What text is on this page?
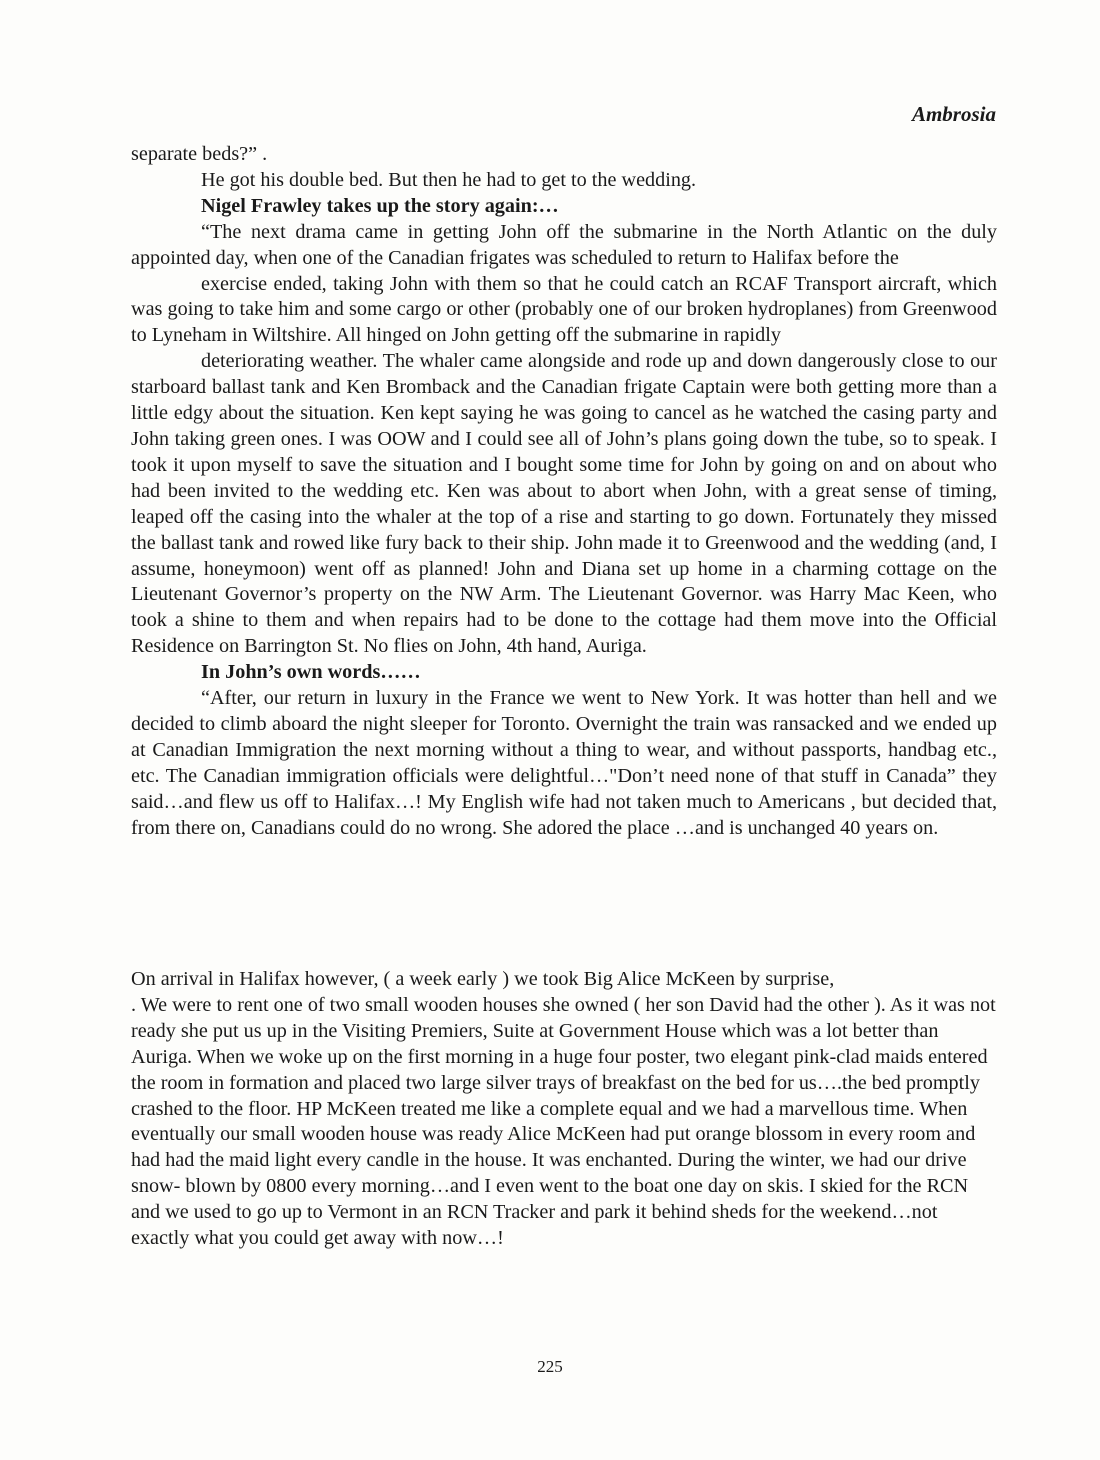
Ambrosia

separate beds?” .

He got his double bed. But then he had to get to the wedding.

Nigel Frawley takes up the story again:…

“The next drama came in getting John off the submarine in the North Atlantic on the duly appointed day, when one of the Canadian frigates was scheduled to return to Halifax before the

exercise ended, taking John with them so that he could catch an RCAF Transport aircraft, which was going to take him and some cargo or other (probably one of our broken hydroplanes) from Greenwood to Lyneham in Wiltshire. All hinged on John getting off the submarine in rapidly

deteriorating weather. The whaler came alongside and rode up and down dangerously close to our starboard ballast tank and Ken Bromback and the Canadian frigate Captain were both getting more than a little edgy about the situation. Ken kept saying he was going to cancel as he watched the casing party and John taking green ones. I was OOW and I could see all of John’s plans going down the tube, so to speak. I took it upon myself to save the situation and I bought some time for John by going on and on about who had been invited to the wedding etc. Ken was about to abort when John, with a great sense of timing, leaped off the casing into the whaler at the top of a rise and starting to go down. Fortunately they missed the ballast tank and rowed like fury back to their ship. John made it to Greenwood and the wedding (and, I assume, honeymoon) went off as planned! John and Diana set up home in a charming cottage on the Lieutenant Governor’s property on the NW Arm. The Lieutenant Governor. was Harry Mac Keen, who took a shine to them and when repairs had to be done to the cottage had them move into the Official Residence on Barrington St. No flies on John, 4th hand, Auriga.

In John’s own words……

“After, our return in luxury in the France we went to New York. It was hotter than hell and we decided to climb aboard the night sleeper for Toronto. Overnight the train was ransacked and we ended up at Canadian Immigration the next morning without a thing to wear, and without passports, handbag etc., etc. The Canadian immigration officials were delightful…"Don’t need none of that stuff in Canada” they said…and flew us off to Halifax…! My English wife had not taken much to Americans , but decided that, from there on, Canadians could do no wrong. She adored the place …and is unchanged 40 years on.

On arrival in Halifax however, ( a week early ) we took Big Alice McKeen by surprise,

. We were to rent one of two small wooden houses she owned ( her son David had the other ). As it was not ready she put us up in the Visiting Premiers, Suite at Government House which was a lot better than Auriga. When we woke up on the first morning in a huge four poster, two elegant pink-clad maids entered the room in formation and placed two large silver trays of breakfast on the bed for us….the bed promptly crashed to the floor. HP McKeen treated me like a complete equal and we had a marvellous time. When eventually our small wooden house was ready Alice McKeen had put orange blossom in every room and had had the maid light every candle in the house. It was enchanted. During the winter, we had our drive snow- blown by 0800 every morning…and I even went to the boat one day on skis. I skied for the RCN and we used to go up to Vermont in an RCN Tracker and park it behind sheds for the weekend…not exactly what you could get away with now…!

225
